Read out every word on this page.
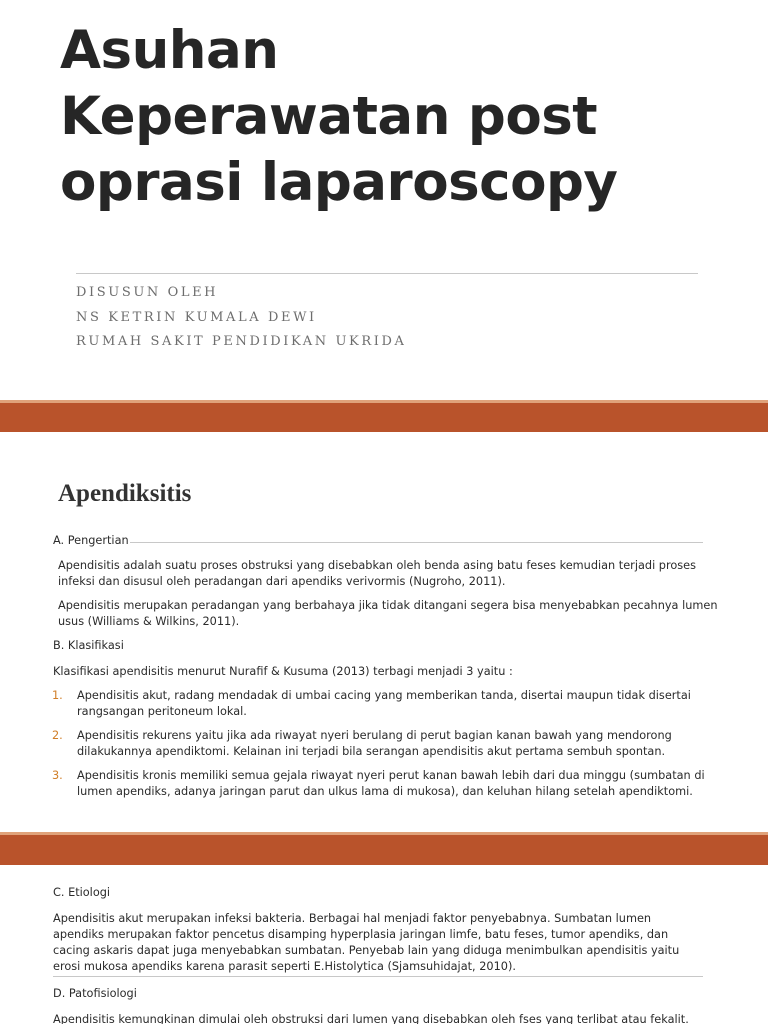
Asuhan
Keperawatan post
oprasi laparoscopy
DISUSUN OLEH
NS KETRIN KUMALA DEWI
RUMAH SAKIT PENDIDIKAN UKRIDA
Apendiksitis
A. Pengertian
Apendisitis adalah suatu proses obstruksi yang disebabkan oleh benda asing batu feses kemudian terjadi proses infeksi dan disusul oleh peradangan dari apendiks verivormis (Nugroho, 2011).
Apendisitis merupakan peradangan yang berbahaya jika tidak ditangani segera bisa menyebabkan pecahnya lumen usus (Williams & Wilkins, 2011).
B. Klasifikasi
Klasifikasi apendisitis menurut Nurafif & Kusuma (2013) terbagi menjadi 3 yaitu :
1. Apendisitis akut, radang mendadak di umbai cacing yang memberikan tanda, disertai maupun tidak disertai rangsangan peritoneum lokal.
2. Apendisitis rekurens yaitu jika ada riwayat nyeri berulang di perut bagian kanan bawah yang mendorong dilakukannya apendiktomi. Kelainan ini terjadi bila serangan apendisitis akut pertama sembuh spontan.
3. Apendisitis kronis memiliki semua gejala riwayat nyeri perut kanan bawah lebih dari dua minggu (sumbatan di lumen apendiks, adanya jaringan parut dan ulkus lama di mukosa), dan keluhan hilang setelah apendiktomi.
C. Etiologi
Apendisitis akut merupakan infeksi bakteria. Berbagai hal menjadi faktor penyebabnya. Sumbatan lumen apendiks merupakan faktor pencetus disamping hyperplasia jaringan limfe, batu feses, tumor apendiks, dan cacing askaris dapat juga menyebabkan sumbatan. Penyebab lain yang diduga menimbulkan apendisitis yaitu erosi mukosa apendiks karena parasit seperti E.Histolytica (Sjamsuhidajat, 2010).
D. Patofisiologi
Apendisitis kemungkinan dimulai oleh obstruksi dari lumen yang disebabkan oleh fses yang terlibat atau fekalit.
